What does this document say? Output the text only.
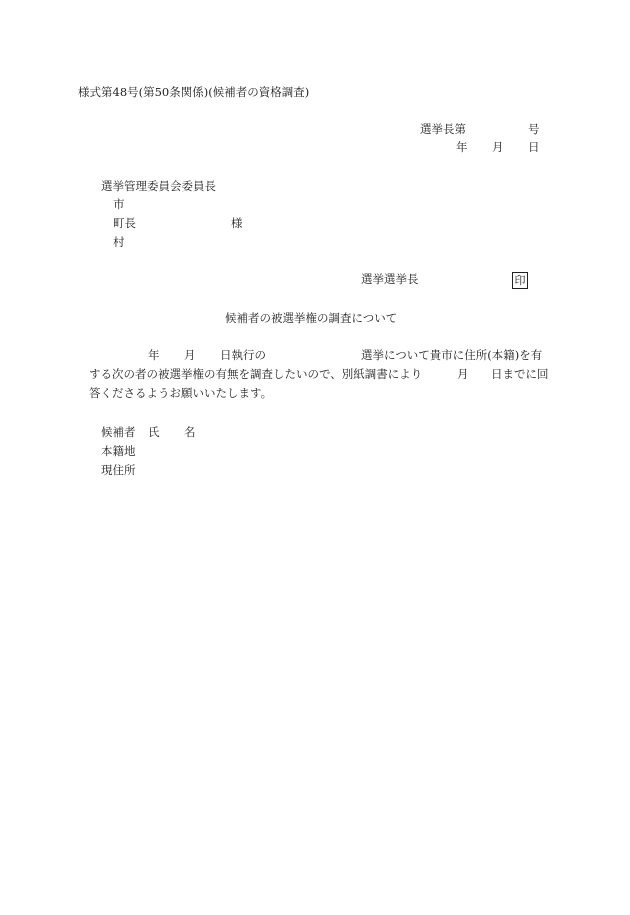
様式第48号(第50条関係)(候補者の資格調査)
選挙長第	号
年 月 日
選挙管理委員会委員長
市
町長	様
村
選挙選挙長	印
候補者の被選挙権の調査について
年 月 日執行の	選挙について貴市に住所(本籍)を有
する次の者の被選挙権の有無を調査したいので、別紙調書により	月 日までに回
答くださるようお願いいたします。
候補者 氏 名
本籍地
現住所
